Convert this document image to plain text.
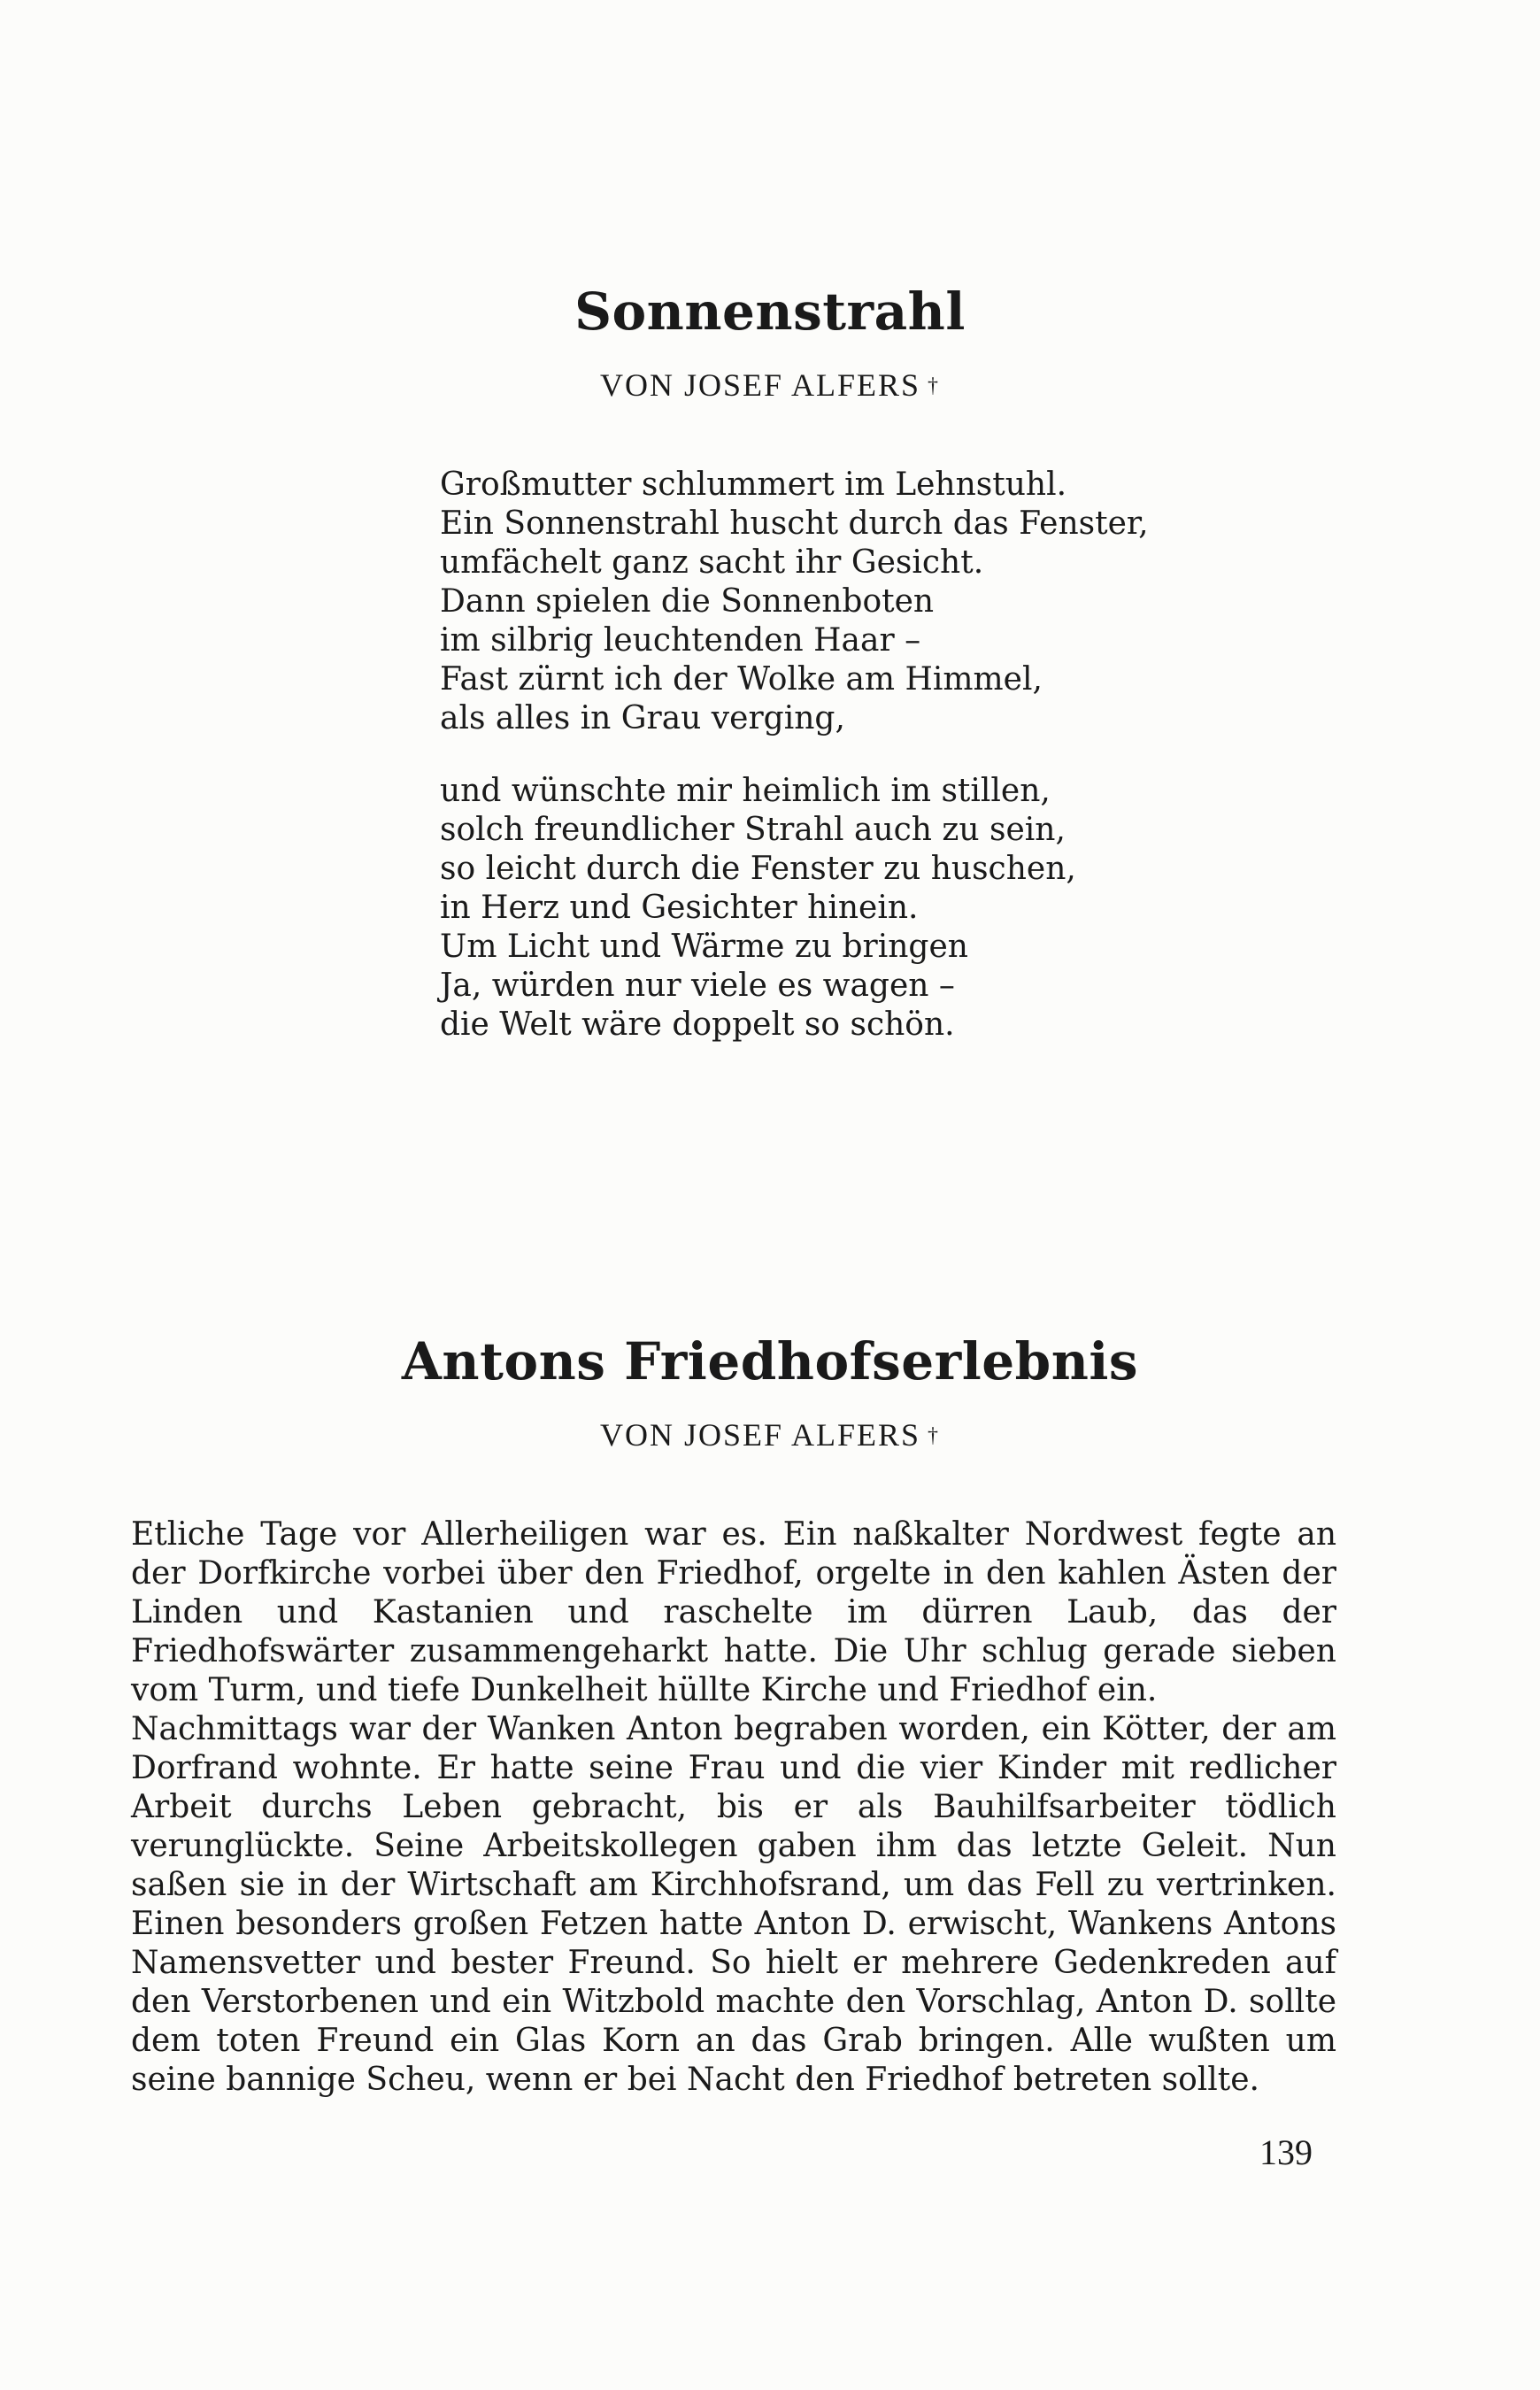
Sonnenstrahl
VON JOSEF ALFERS †
Großmutter schlummert im Lehnstuhl.
Ein Sonnenstrahl huscht durch das Fenster,
umfächelt ganz sacht ihr Gesicht.
Dann spielen die Sonnenboten
im silbrig leuchtenden Haar –
Fast zürnt ich der Wolke am Himmel,
als alles in Grau verging,
und wünschte mir heimlich im stillen,
solch freundlicher Strahl auch zu sein,
so leicht durch die Fenster zu huschen,
in Herz und Gesichter hinein.
Um Licht und Wärme zu bringen
Ja, würden nur viele es wagen –
die Welt wäre doppelt so schön.
Antons Friedhofserlebnis
VON JOSEF ALFERS †

Etliche Tage vor Allerheiligen war es. Ein naßkalter Nordwest fegte an der Dorfkirche vorbei über den Friedhof, orgelte in den kahlen Ästen der Linden und Kastanien und raschelte im dürren Laub, das der Friedhofswärter zusammengeharkt hatte. Die Uhr schlug gerade sieben vom Turm, und tiefe Dunkelheit hüllte Kirche und Friedhof ein.

Nachmittags war der Wanken Anton begraben worden, ein Kötter, der am Dorfrand wohnte. Er hatte seine Frau und die vier Kinder mit redlicher Arbeit durchs Leben gebracht, bis er als Bauhilfsarbeiter tödlich verunglückte. Seine Arbeitskollegen gaben ihm das letzte Geleit. Nun saßen sie in der Wirtschaft am Kirchhofsrand, um das Fell zu vertrinken. Einen besonders großen Fetzen hatte Anton D. erwischt, Wankens Antons Namensvetter und bester Freund. So hielt er mehrere Gedenkreden auf den Verstorbenen und ein Witzbold machte den Vorschlag, Anton D. sollte dem toten Freund ein Glas Korn an das Grab bringen. Alle wußten um seine bannige Scheu, wenn er bei Nacht den Friedhof betreten sollte.

139
